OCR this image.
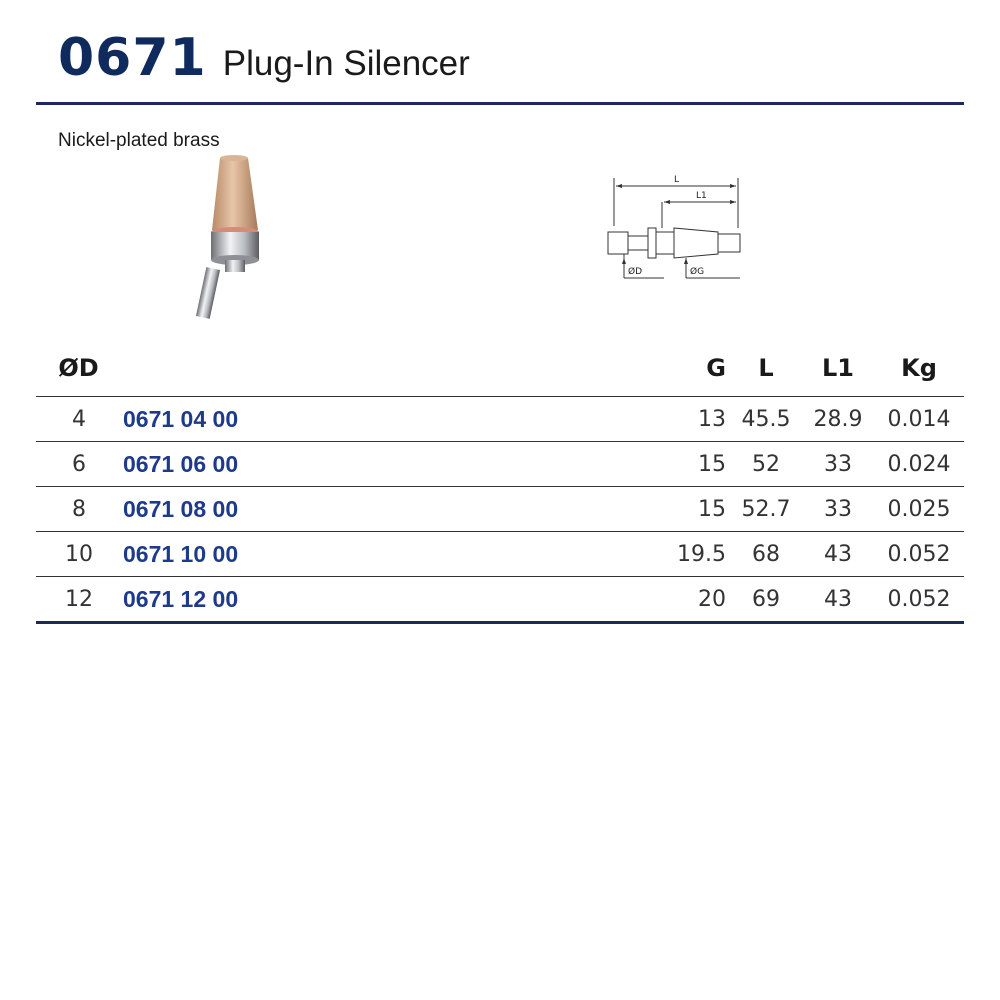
0671 Plug-In Silencer
Nickel-plated brass
L
L1
ØD	ØG
ØD		G	L	L1	Kg
4	0671 04 00	13	45.5	28.9	0.014
6	0671 06 00	15	52	33	0.024
8	0671 08 00	15	52.7	33	0.025
10	0671 10 00	19.5	68	43	0.052
12	0671 12 00	20	69	43	0.052
